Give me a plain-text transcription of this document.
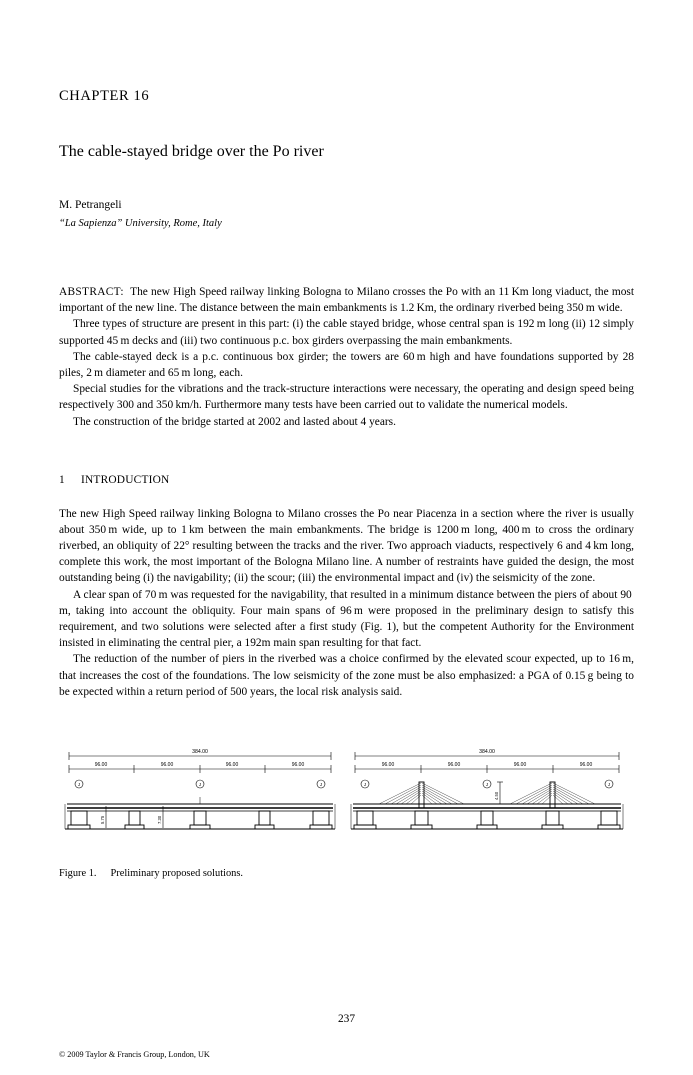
CHAPTER 16
The cable-stayed bridge over the Po river
M. Petrangeli
“La Sapienza” University, Rome, Italy

ABSTRACT: The new High Speed railway linking Bologna to Milano crosses the Po with an 11 Km long viaduct, the most important of the new line. The distance between the main embankments is 1.2 Km, the ordinary riverbed being 350 m wide.

Three types of structure are present in this part: (i) the cable stayed bridge, whose central span is 192 m long (ii) 12 simply supported 45 m decks and (iii) two continuous p.c. box girders overpassing the main embankments.

The cable-stayed deck is a p.c. continuous box girder; the towers are 60 m high and have foundations supported by 28 piles, 2 m diameter and 65 m long, each.

Special studies for the vibrations and the track-structure interactions were necessary, the operating and design speed being respectively 300 and 350 km/h. Furthermore many tests have been carried out to validate the numerical models.

The construction of the bridge started at 2002 and lasted about 4 years.

1 INTRODUCTION

The new High Speed railway linking Bologna to Milano crosses the Po near Piacenza in a section where the river is usually about 350 m wide, up to 1 km between the main embankments. The bridge is 1200 m long, 400 m to cross the ordinary riverbed, an obliquity of 22° resulting between the tracks and the river. Two approach viaducts, respectively 6 and 4 km long, complete this work, the most important of the Bologna Milano line. A number of restraints have guided the design, the most outstanding being (i) the navigability; (ii) the scour; (iii) the environmental impact and (iv) the seismicity of the zone.

A clear span of 70 m was requested for the navigability, that resulted in a minimum distance between the piers of about 90 m, taking into account the obliquity. Four main spans of 96 m were proposed in the preliminary design to satisfy this requirement, and two solutions were selected after a first study (Fig. 1), but the competent Authority for the Environment insisted in eliminating the central pier, a 192m main span resulting for that fact.

The reduction of the number of piers in the riverbed was a choice confirmed by the elevated scour expected, up to 16 m, that increases the cost of the foundations. The low seismicity of the zone must be also emphasized: a PGA of 0.15 g being to be expected within a return period of 500 years, the local risk analysis said.

384.00
96.00	96.00	96.00	96.00
J	J	J
5.75	7.30
384.00
96.00	96.00	96.00	96.00
J	J	J
4.50
Figure 1. Preliminary proposed solutions.
237
© 2009 Taylor & Francis Group, London, UK
